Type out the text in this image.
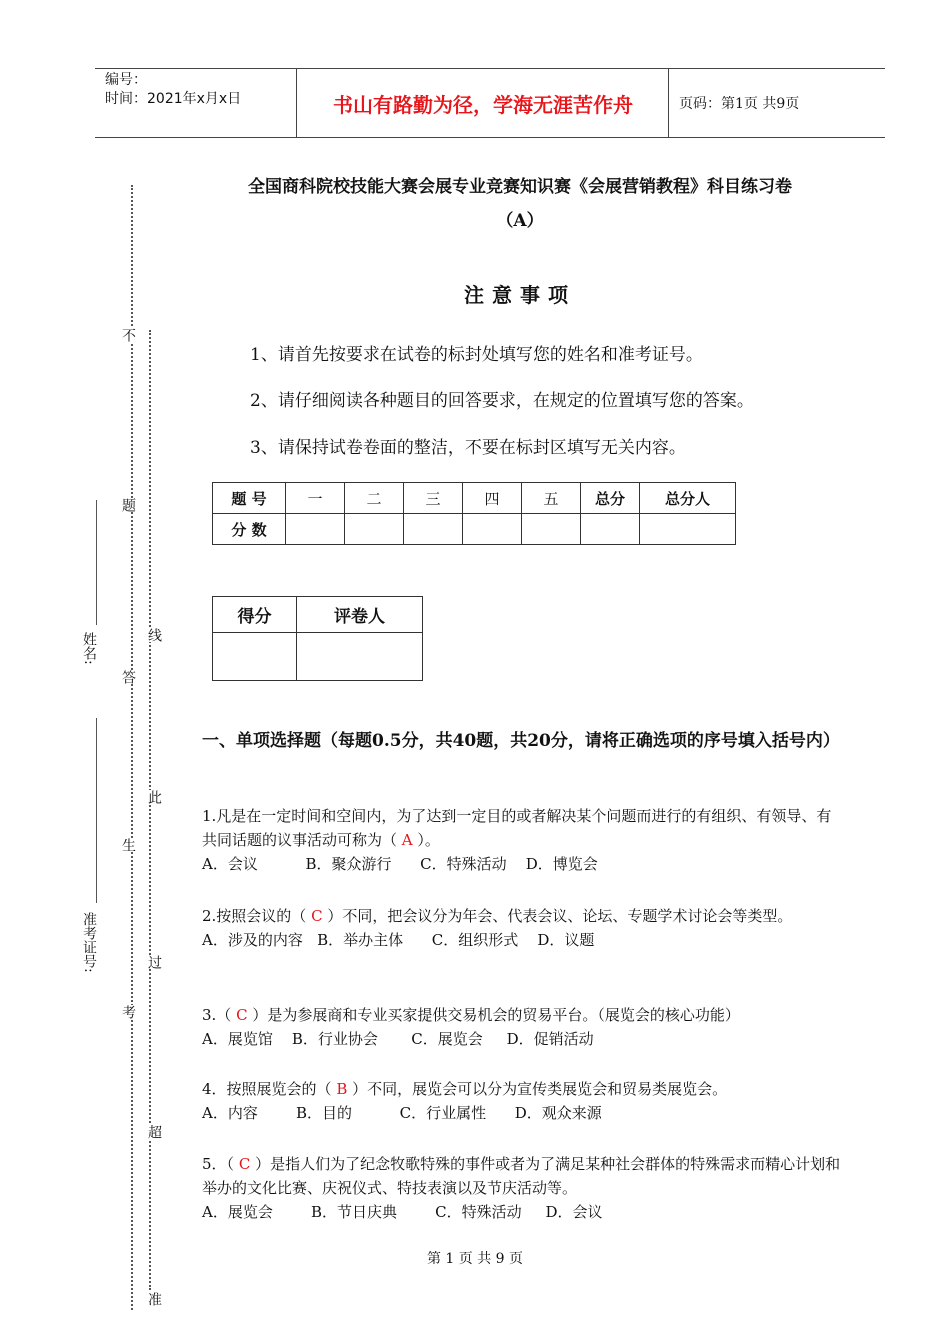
编号：
时间：2021年x月x日	书山有路勤为径，学海无涯苦作舟	页码：第1页 共9页
姓名:
准考证号:
不
题
线
答
此
生
过
考
超
准
全国商科院校技能大赛会展专业竞赛知识赛《会展营销教程》科目练习卷
（A）
注意事项
1、请首先按要求在试卷的标封处填写您的姓名和准考证号。
2、请仔细阅读各种题目的回答要求，在规定的位置填写您的答案。
3、请保持试卷卷面的整洁，不要在标封区填写无关内容。
题 号	一	二	三	四	五	总分	总分人
分 数							
得分	评卷人

一、单项选择题（每题0.5分，共40题，共20分，请将正确选项的序号填入括号内）
1.凡是在一定时间和空间内，为了达到一定目的或者解决某个问题而进行的有组织、有领导、有共同话题的议事活动可称为（ A ）。
A．会议          B．聚众游行      C．特殊活动    D．博览会
2.按照会议的（ C ）不同，把会议分为年会、代表会议、论坛、专题学术讨论会等类型。
A．涉及的内容   B．举办主体      C．组织形式    D．议题
3.（ C ）是为参展商和专业买家提供交易机会的贸易平台。（展览会的核心功能）
A．展览馆    B．行业协会       C．展览会     D．促销活动
4．按照展览会的（ B ）不同，展览会可以分为宣传类展览会和贸易类展览会。
A．内容        B．目的          C．行业属性      D．观众来源
5．（ C ）是指人们为了纪念牧歌特殊的事件或者为了满足某种社会群体的特殊需求而精心计划和举办的文化比赛、庆祝仪式、特技表演以及节庆活动等。
A．展览会        B．节日庆典        C．特殊活动     D．会议
第 1 页 共 9 页
